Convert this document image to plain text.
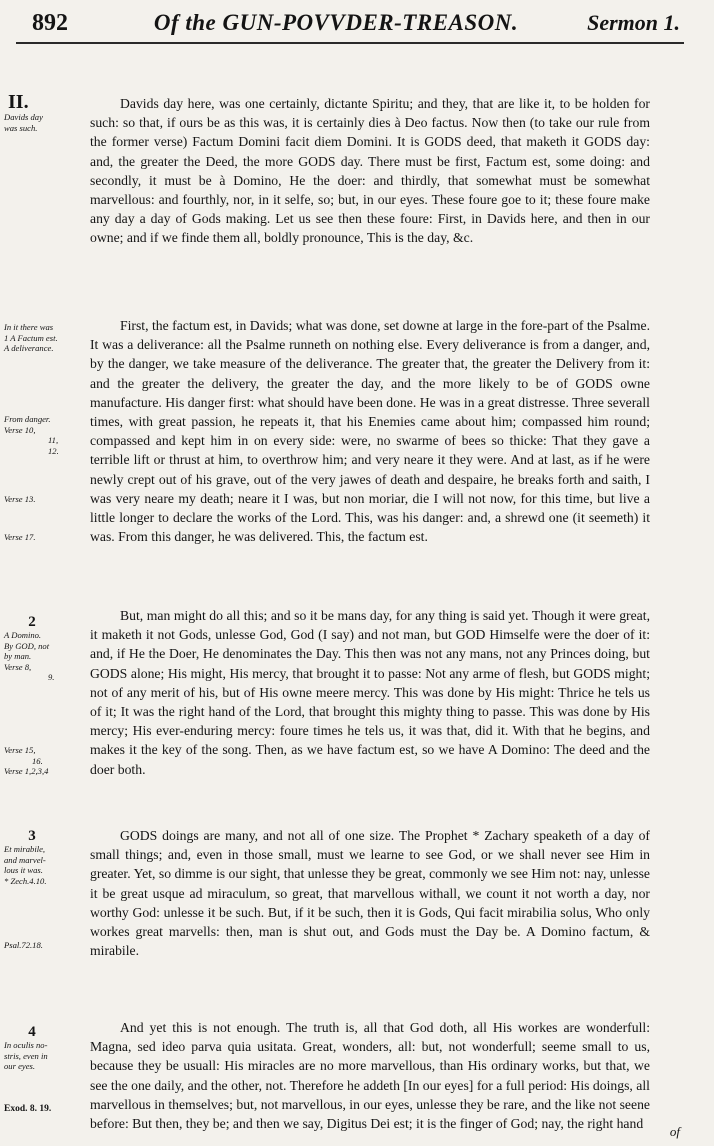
892	Of the GUN-POVVDER-TREASON.	Sermon 1.
II.
Davids day
was such.
In it there was
1 A Factum est.
A deliverance.
From danger.
Verse 10,
11,
12.
Verse 13.
Verse 17.
2
A Domino.
By GOD, not
by man.
Verse 8,
9.
Verse 15,
16.
Verse 1,2,3,4
3
Et mirabile,
and marvel-
lous it was.
* Zech.4.10.
Psal.72.18.
4
In oculis no-
stris, even in
our eyes.
Exod. 8. 19.

Davids day here, was one certainly, dictante Spiritu; and they, that are like it, to be holden for such: so that, if ours be as this was, it is certainly dies à Deo factus. Now then (to take our rule from the former verse) Factum Domini facit diem Domini. It is GODS deed, that maketh it GODS day: and, the greater the Deed, the more GODS day. There must be first, Factum est, some doing: and secondly, it must be à Domino, He the doer: and thirdly, that somewhat must be somewhat marvellous: and fourthly, nor, in it selfe, so; but, in our eyes. These foure goe to it; these foure make any day a day of Gods making. Let us see then these foure: First, in Davids here, and then in our owne; and if we finde them all, boldly pronounce, This is the day, &c.

First, the factum est, in Davids; what was done, set downe at large in the fore-part of the Psalme. It was a deliverance: all the Psalme runneth on nothing else. Every deliverance is from a danger, and, by the danger, we take measure of the deliverance. The greater that, the greater the Delivery from it: and the greater the delivery, the greater the day, and the more likely to be of GODS owne manufacture. His danger first: what should have been done. He was in a great distresse. Three severall times, with great passion, he repeats it, that his Enemies came about him; compassed him round; compassed and kept him in on every side: were, no swarme of bees so thicke: That they gave a terrible lift or thrust at him, to overthrow him; and very neare it they were. And at last, as if he were newly crept out of his grave, out of the very jawes of death and despaire, he breaks forth and saith, I was very neare my death; neare it I was, but non moriar, die I will not now, for this time, but live a little longer to declare the works of the Lord. This, was his danger: and, a shrewd one (it seemeth) it was. From this danger, he was delivered. This, the factum est.

But, man might do all this; and so it be mans day, for any thing is said yet. Though it were great, it maketh it not Gods, unlesse God, God (I say) and not man, but GOD Himselfe were the doer of it: and, if He the Doer, He denominates the Day. This then was not any mans, not any Princes doing, but GODS alone; His might, His mercy, that brought it to passe: Not any arme of flesh, but GODS might; not of any merit of his, but of His owne meere mercy. This was done by His might: Thrice he tels us of it; It was the right hand of the Lord, that brought this mighty thing to passe. This was done by His mercy; His ever-enduring mercy: foure times he tels us, it was that, did it. With that he begins, and makes it the key of the song. Then, as we have factum est, so we have A Domino: The deed and the doer both.

GODS doings are many, and not all of one size. The Prophet * Zachary speaketh of a day of small things; and, even in those small, must we learne to see God, or we shall never see Him in greater. Yet, so dimme is our sight, that unlesse they be great, commonly we see Him not: nay, unlesse it be great usque ad miraculum, so great, that marvellous withall, we count it not worth a day, nor worthy God: unlesse it be such. But, if it be such, then it is Gods, Qui facit mirabilia solus, Who only workes great marvells: then, man is shut out, and Gods must the Day be. A Domino factum, & mirabile.

And yet this is not enough. The truth is, all that God doth, all His workes are wonderfull: Magna, sed ideo parva quia usitata. Great, wonders, all: but, not wonderfull; seeme small to us, because they be usuall: His miracles are no more marvellous, than His ordinary works, but that, we see the one daily, and the other, not. Therefore he addeth [In our eyes] for a full period: His doings, all marvellous in themselves; but, not marvellous, in our eyes, unlesse they be rare, and the like not seene before: But then, they be; and then we say, Digitus Dei est; it is the finger of God; nay, the right hand

of
